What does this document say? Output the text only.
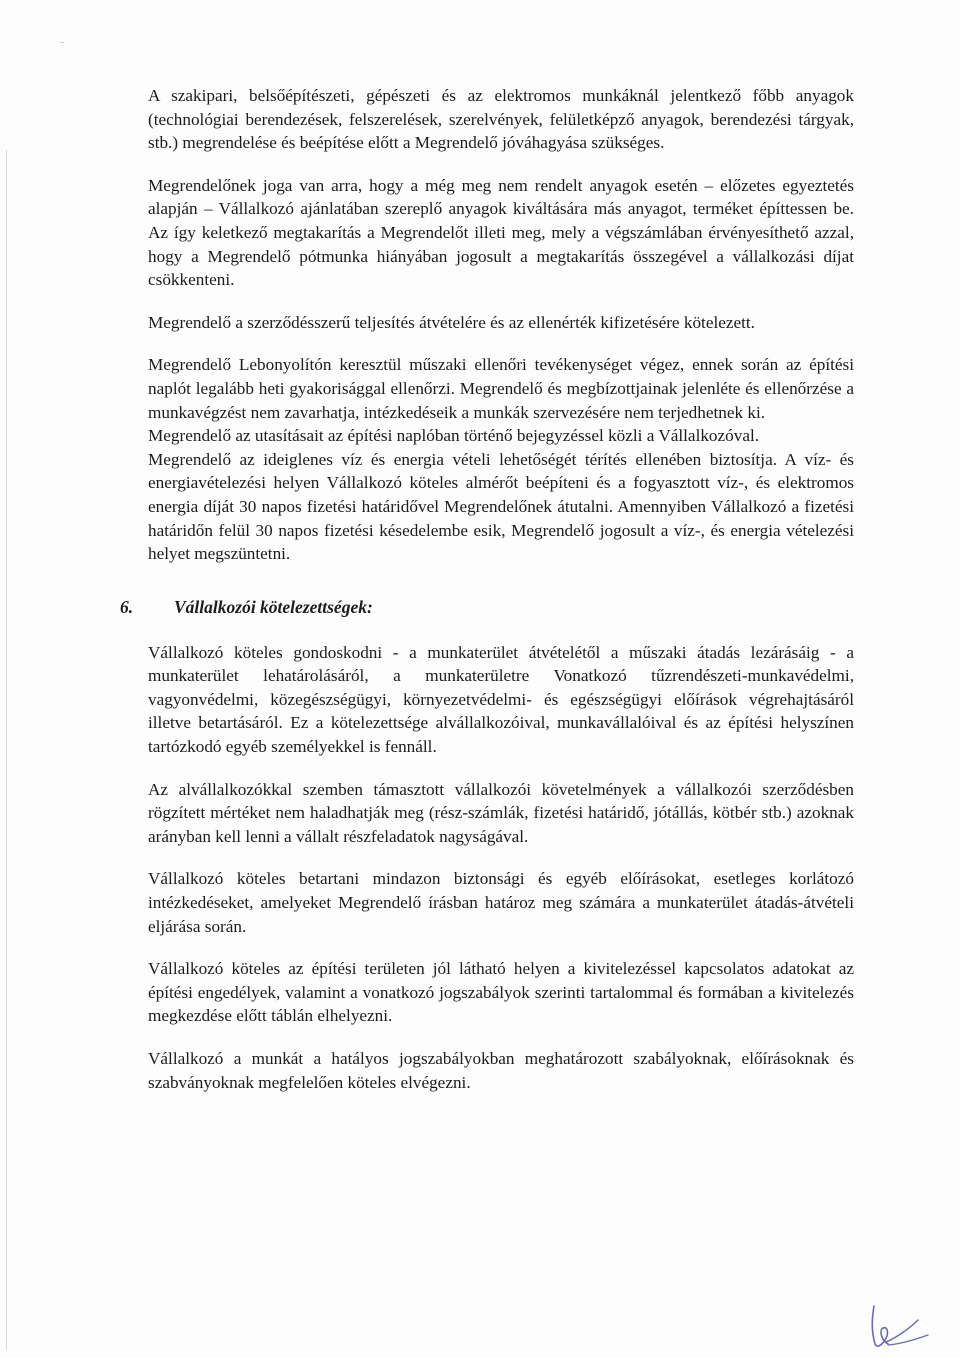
A szakipari, belsőépítészeti, gépészeti és az elektromos munkáknál jelentkező főbb anyagok (technológiai berendezések, felszerelések, szerelvények, felületképző anyagok, berendezési tárgyak, stb.) megrendelése és beépítése előtt a Megrendelő jóváhagyása szükséges.

Megrendelőnek joga van arra, hogy a még meg nem rendelt anyagok esetén – előzetes egyeztetés alapján – Vállalkozó ajánlatában szereplő anyagok kiváltására más anyagot, terméket építtessen be. Az így keletkező megtakarítás a Megrendelőt illeti meg, mely a végszámlában érvényesíthető azzal, hogy a Megrendelő pótmunka hiányában jogosult a megtakarítás összegével a vállalkozási díjat csökkenteni.

Megrendelő a szerződésszerű teljesítés átvételére és az ellenérték kifizetésére kötelezett.

Megrendelő Lebonyolítón keresztül műszaki ellenőri tevékenységet végez, ennek során az építési naplót legalább heti gyakorisággal ellenőrzi. Megrendelő és megbízottjainak jelenléte és ellenőrzése a munkavégzést nem zavarhatja, intézkedéseik a munkák szervezésére nem terjedhetnek ki.

Megrendelő az utasításait az építési naplóban történő bejegyzéssel közli a Vállalkozóval.

Megrendelő az ideiglenes víz és energia vételi lehetőségét térítés ellenében biztosítja. A víz- és energiavételezési helyen Vállalkozó köteles almérőt beépíteni és a fogyasztott víz-, és elektromos energia díját 30 napos fizetési határidővel Megrendelőnek átutalni. Amennyiben Vállalkozó a fizetési határidőn felül 30 napos fizetési késedelembe esik, Megrendelő jogosult a víz-, és energia vételezési helyet megszüntetni.

6. Vállalkozói kötelezettségek:

Vállalkozó köteles gondoskodni - a munkaterület átvételétől a műszaki átadás lezárásáig - a munkaterület lehatárolásáról, a munkaterületre Vonatkozó tűzrendészeti-munkavédelmi, vagyonvédelmi, közegészségügyi, környezetvédelmi- és egészségügyi előírások végrehajtásáról illetve betartásáról. Ez a kötelezettsége alvállalkozóival, munkavállalóival és az építési helyszínen tartózkodó egyéb személyekkel is fennáll.

Az alvállalkozókkal szemben támasztott vállalkozói követelmények a vállalkozói szerződésben rögzített mértéket nem haladhatják meg (rész-számlák, fizetési határidő, jótállás, kötbér stb.) azoknak arányban kell lenni a vállalt részfeladatok nagyságával.

Vállalkozó köteles betartani mindazon biztonsági és egyéb előírásokat, esetleges korlátozó intézkedéseket, amelyeket Megrendelő írásban határoz meg számára a munkaterület átadás-átvételi eljárása során.

Vállalkozó köteles az építési területen jól látható helyen a kivitelezéssel kapcsolatos adatokat az építési engedélyek, valamint a vonatkozó jogszabályok szerinti tartalommal és formában a kivitelezés megkezdése előtt táblán elhelyezni.

Vállalkozó a munkát a hatályos jogszabályokban meghatározott szabályoknak, előírásoknak és szabványoknak megfelelően köteles elvégezni.
